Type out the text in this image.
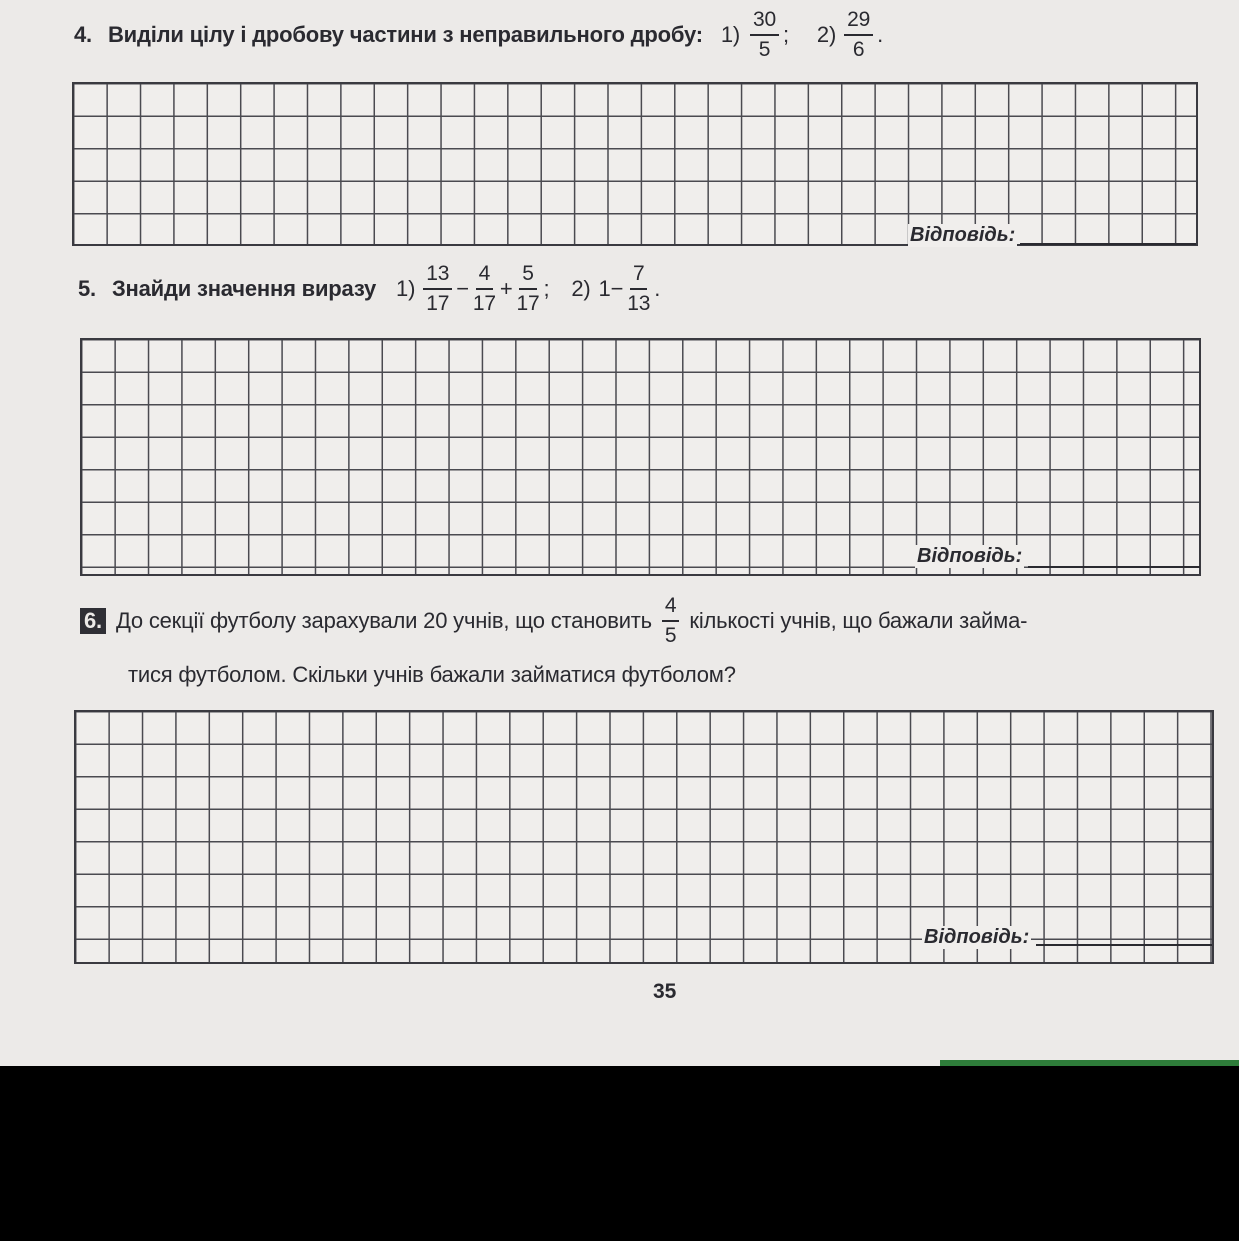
4. Виділи цілу і дробову частини з неправильного дробу: $1) \frac{30}{5}$ ; $2) \frac{29}{6}$ .
Відповідь:
5. Знайди значення виразу $1) \frac{13}{17} - \frac{4}{17} + \frac{5}{17}$ ; 2) $1- \frac{7}{13}$ .
Відповідь:
6. До секції футболу зарахували 20 учнів, що становить $\frac{4}{5}$ кількості учнів, що бажали займа-
тися футболом. Скільки учнів бажали займатися футболом?
Відповідь:
35
